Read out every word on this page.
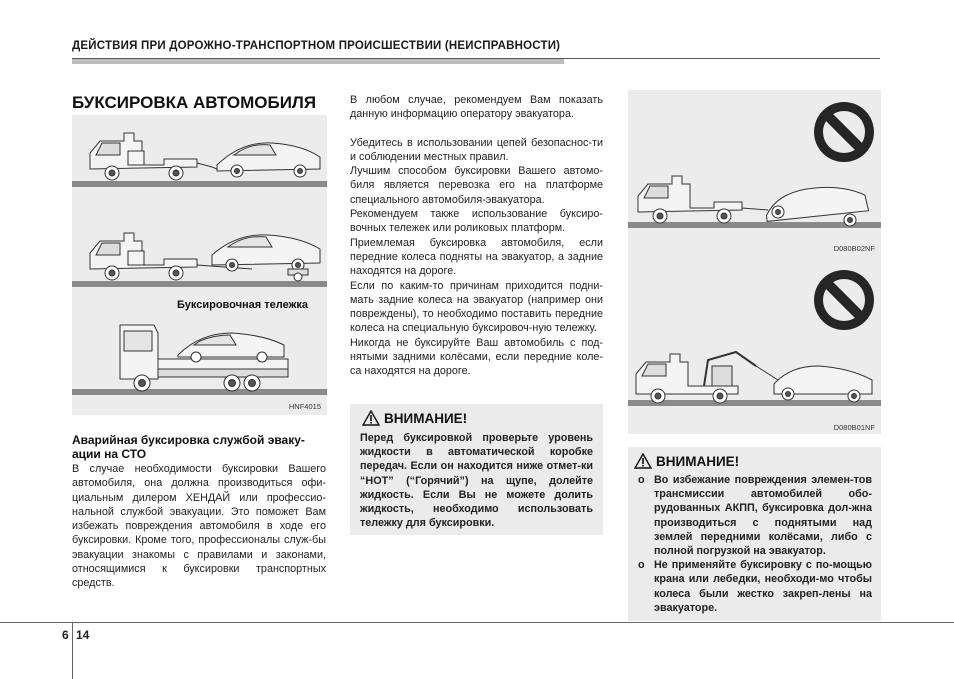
ДЕЙСТВИЯ ПРИ ДОРОЖНО-ТРАНСПОРТНОМ ПРОИСШЕСТВИИ (НЕИСПРАВНОСТИ)
БУКСИРОВКА АВТОМОБИЛЯ
Буксировочная тележка
HNF4015
Аварийная буксировка службой эваку-ации на СТО
В случае необходимости буксировки Вашего автомобиля, она должна производиться офи-циальным дилером ХЕНДАЙ или профессио-нальной службой эвакуации. Это поможет Вам избежать повреждения автомобиля в ходе его буксировки. Кроме того, профессионалы служ-бы эвакуации знакомы с правилами и законами, относящимися к буксировки транспортных средств.

В любом случае, рекомендуем Вам показать данную информацию оператору эвакуатора.

Убедитесь в использовании цепей безопаснос-ти и соблюдении местных правил.

Лучшим способом буксировки Вашего автомо-биля является перевозка его на платформе специального автомобиля-эвакуатора.

Рекомендуем также использование буксиро-вочных тележек или роликовых платформ.

Приемлемая буксировка автомобиля, если передние колеса подняты на эвакуатор, а задние находятся на дороге.

Если по каким-то причинам приходится подни-мать задние колеса на эвакуатор (например они повреждены), то необходимо поставить передние колеса на специальную буксировоч-ную тележку.

Никогда не буксируйте Ваш автомобиль с под-нятыми задними колёсами, если передние коле-са находятся на дороге.

ВНИМАНИЕ!
Перед буксировкой проверьте уровень жидкости в автоматической коробке передач. Если он находится ниже отмет-ки “НОТ” (“Горячий”) на щупе, долейте жидкость. Если Вы не можете долить жидкость, необходимо использовать тележку для буксировки.
D080B02NF
D080B01NF
ВНИМАНИЕ!
o Во избежание повреждения элемен-тов трансмиссии автомобилей обо-рудованных АКПП, буксировка дол-жна производиться с поднятыми над землей передними колёсами, либо с полной погрузкой на эвакуатор.
o Не применяйте буксировку с по-мощью крана или лебедки, необходи-мо чтобы колеса были жестко закреп-лены на эвакуаторе.
6 14
